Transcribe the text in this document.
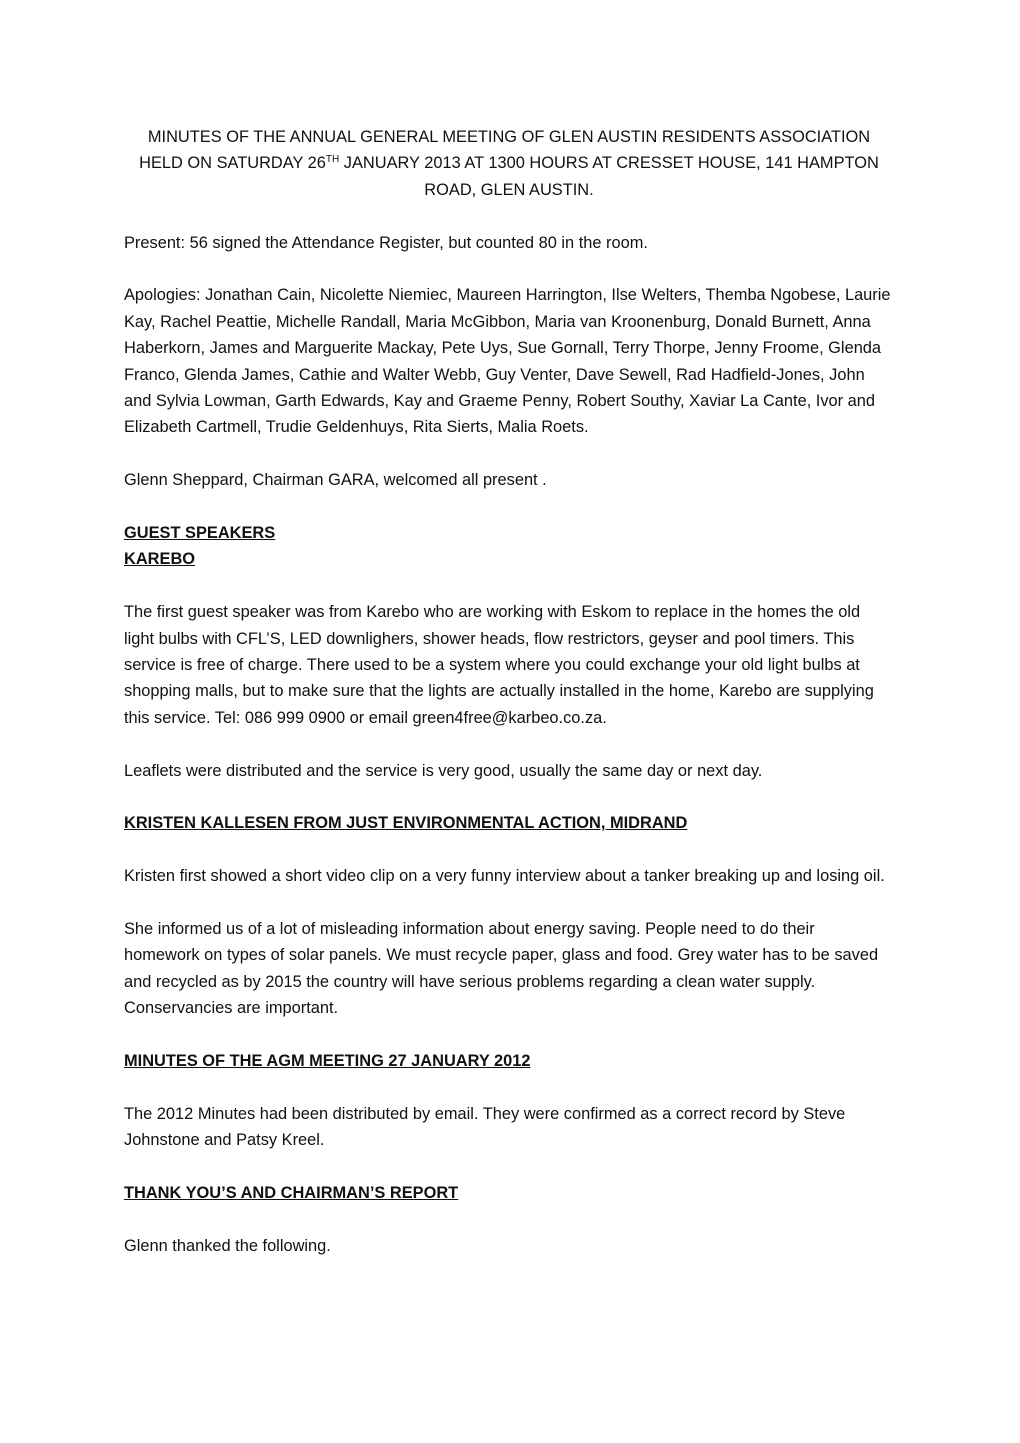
MINUTES OF THE ANNUAL GENERAL MEETING OF GLEN AUSTIN RESIDENTS ASSOCIATION HELD ON SATURDAY 26TH JANUARY 2013 AT 1300 HOURS AT CRESSET HOUSE, 141 HAMPTON ROAD, GLEN AUSTIN.

Present: 56 signed the Attendance Register, but counted 80 in the room.

Apologies: Jonathan Cain, Nicolette Niemiec, Maureen Harrington, Ilse Welters, Themba Ngobese, Laurie Kay, Rachel Peattie, Michelle Randall, Maria McGibbon, Maria van Kroonenburg, Donald Burnett, Anna Haberkorn, James and Marguerite Mackay, Pete Uys, Sue Gornall, Terry Thorpe, Jenny Froome, Glenda Franco, Glenda James, Cathie and Walter Webb, Guy Venter, Dave Sewell, Rad Hadfield-Jones, John and Sylvia Lowman, Garth Edwards, Kay and Graeme Penny, Robert Southy, Xaviar La Cante, Ivor and Elizabeth Cartmell, Trudie Geldenhuys, Rita Sierts, Malia Roets.

Glenn Sheppard, Chairman GARA, welcomed all present .

GUEST SPEAKERS
KAREBO

The first guest speaker was from Karebo who are working with Eskom to replace in the homes the old light bulbs with CFL’S, LED downlighers, shower heads, flow restrictors, geyser and pool timers. This service is free of charge. There used to be a system where you could exchange your old light bulbs at shopping malls, but to make sure that the lights are actually installed in the home, Karebo are supplying this service. Tel: 086 999 0900 or email green4free@karbeo.co.za.

Leaflets were distributed and the service is very good, usually the same day or next day.

KRISTEN KALLESEN FROM JUST ENVIRONMENTAL ACTION, MIDRAND

Kristen first showed a short video clip on a very funny interview about a tanker breaking up and losing oil.

She informed us of a lot of misleading information about energy saving. People need to do their homework on types of solar panels. We must recycle paper, glass and food. Grey water has to be saved and recycled as by 2015 the country will have serious problems regarding a clean water supply. Conservancies are important.

MINUTES OF THE AGM MEETING 27 JANUARY 2012

The 2012 Minutes had been distributed by email. They were confirmed as a correct record by Steve Johnstone and Patsy Kreel.

THANK YOU’S AND CHAIRMAN’S REPORT

Glenn thanked the following.
